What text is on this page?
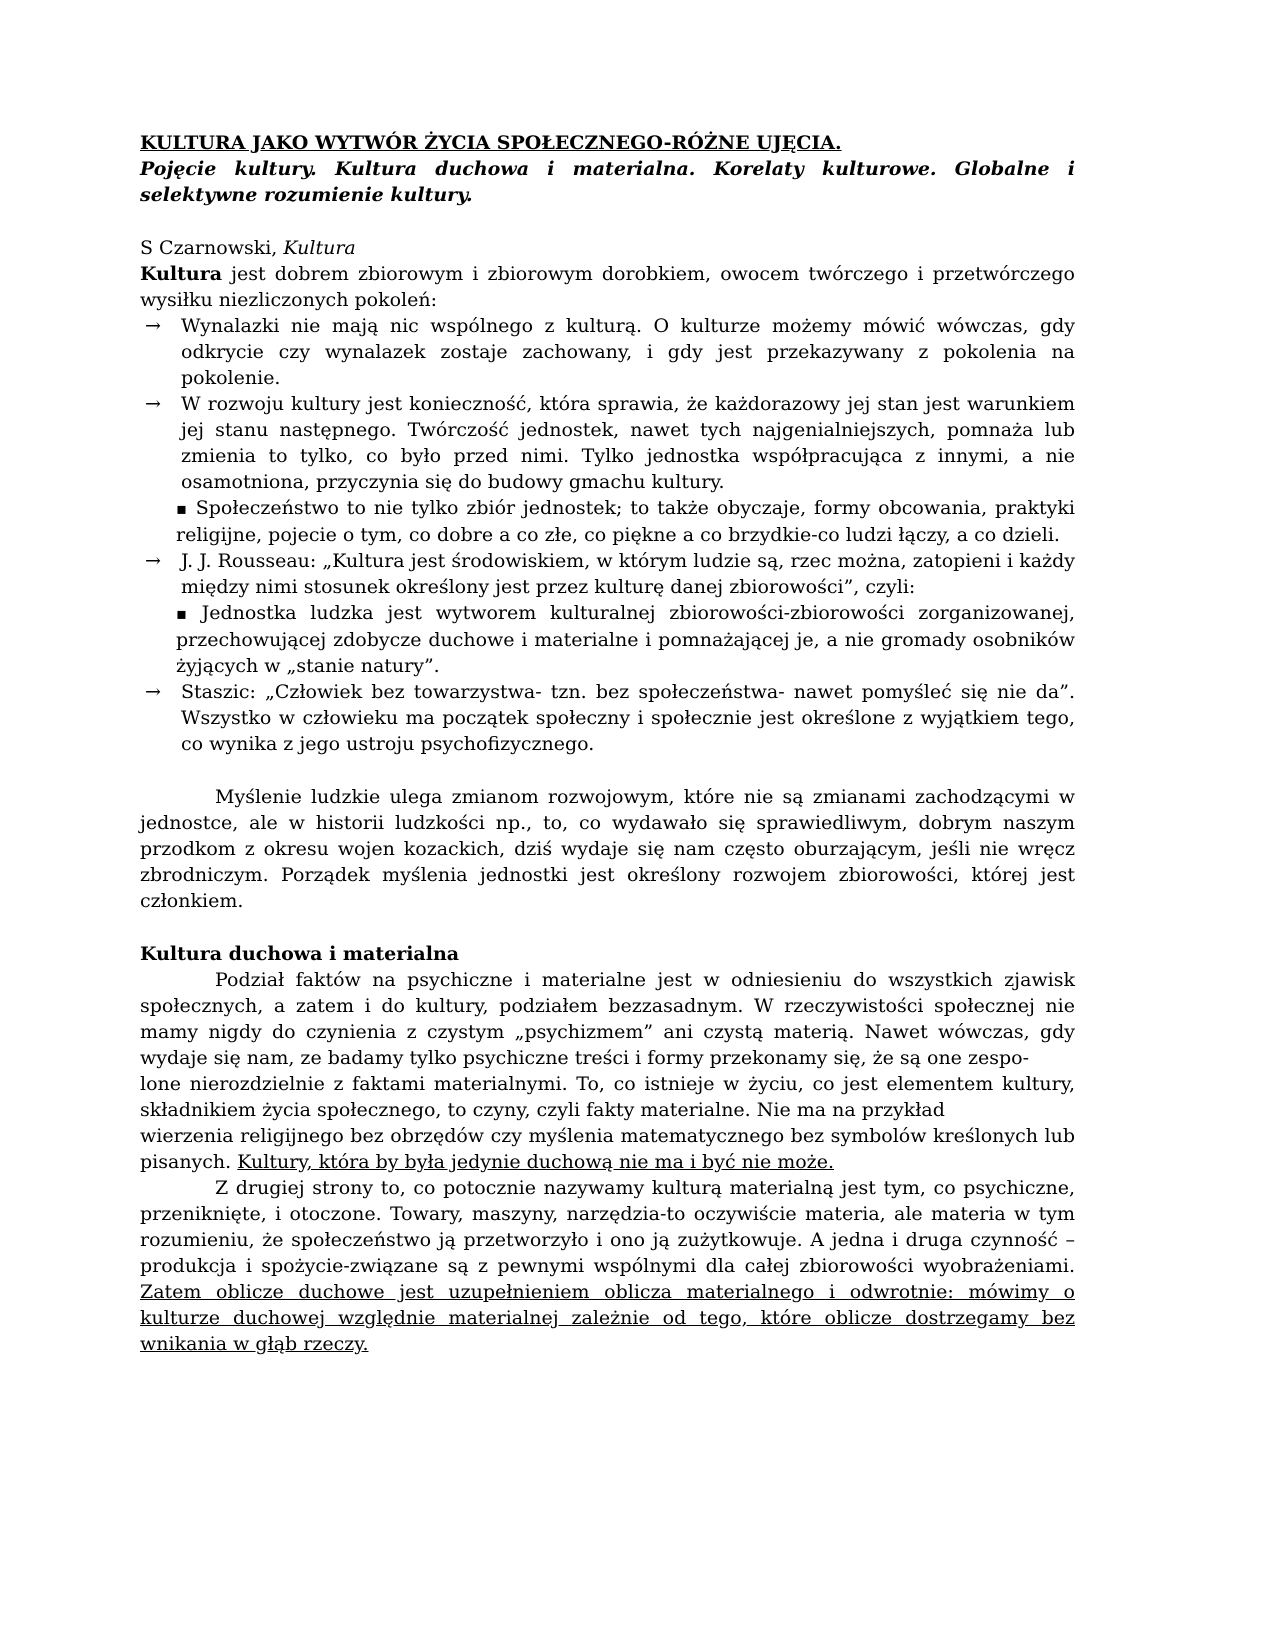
KULTURA JAKO WYTWÓR ŻYCIA SPOŁECZNEGO-RÓŻNE UJĘCIA.

Pojęcie kultury. Kultura duchowa i materialna. Korelaty kulturowe. Globalne i selektywne rozumienie kultury.

S Czarnowski, Kultura

Kultura jest dobrem zbiorowym i zbiorowym dorobkiem, owocem twórczego i przetwórczego wysiłku niezliczonych pokoleń:

→	Wynalazki nie mają nic wspólnego z kulturą. O kulturze możemy mówić wówczas, gdy odkrycie czy wynalazek zostaje zachowany, i gdy jest przekazywany z pokolenia na pokolenie.
→	W rozwoju kultury jest konieczność, która sprawia, że każdorazowy jej stan jest warunkiem jej stanu następnego. Twórczość jednostek, nawet tych najgenialniejszych, pomnaża lub zmienia to tylko, co było przed nimi. Tylko jednostka współpracująca z innymi, a nie osamotniona, przyczynia się do budowy gmachu kultury.
▪ Społeczeństwo to nie tylko zbiór jednostek; to także obyczaje, formy obcowania, praktyki religijne, pojecie o tym, co dobre a co złe, co piękne a co brzydkie-co ludzi łączy, a co dzieli.
→	J. J. Rousseau: „Kultura jest środowiskiem, w którym ludzie są, rzec można, zatopieni i każdy między nimi stosunek określony jest przez kulturę danej zbiorowości”, czyli:
▪ Jednostka ludzka jest wytworem kulturalnej zbiorowości-zbiorowości zorganizowanej, przechowującej zdobycze duchowe i materialne i pomnażającej je, a nie gromady osobników żyjących w „stanie natury”.
→	Staszic: „Człowiek bez towarzystwa- tzn. bez społeczeństwa- nawet pomyśleć się nie da”. Wszystko w człowieku ma początek społeczny i społecznie jest określone z wyjątkiem tego, co wynika z jego ustroju psychofizycznego.

Myślenie ludzkie ulega zmianom rozwojowym, które nie są zmianami zachodzącymi w jednostce, ale w historii ludzkości np., to, co wydawało się sprawiedliwym, dobrym naszym przodkom z okresu wojen kozackich, dziś wydaje się nam często oburzającym, jeśli nie wręcz zbrodniczym. Porządek myślenia jednostki jest określony rozwojem zbiorowości, której jest członkiem.

Kultura duchowa i materialna

Podział faktów na psychiczne i materialne jest w odniesieniu do wszystkich zjawisk społecznych, a zatem i do kultury, podziałem bezzasadnym. W rzeczywistości społecznej nie mamy nigdy do czynienia z czystym „psychizmem” ani czystą materią. Nawet wówczas, gdy wydaje się nam, ze badamy tylko psychiczne treści i formy przekonamy się, że są one zespo-
lone nierozdzielnie z faktami materialnymi. To, co istnieje w życiu, co jest elementem kultury, składnikiem życia społecznego, to czyny, czyli fakty materialne. Nie ma na przykład
wierzenia religijnego bez obrzędów czy myślenia matematycznego bez symbolów kreślonych lub pisanych. Kultury, która by była jedynie duchową nie ma i być nie może.

Z drugiej strony to, co potocznie nazywamy kulturą materialną jest tym, co psychiczne, przeniknięte, i otoczone. Towary, maszyny, narzędzia-to oczywiście materia, ale materia w tym rozumieniu, że społeczeństwo ją przetworzyło i ono ją zużytkowuje. A jedna i druga czynność –produkcja i spożycie-związane są z pewnymi wspólnymi dla całej zbiorowości wyobrażeniami. Zatem oblicze duchowe jest uzupełnieniem oblicza materialnego i odwrotnie: mówimy o kulturze duchowej względnie materialnej zależnie od tego, które oblicze dostrzegamy bez wnikania w głąb rzeczy.
